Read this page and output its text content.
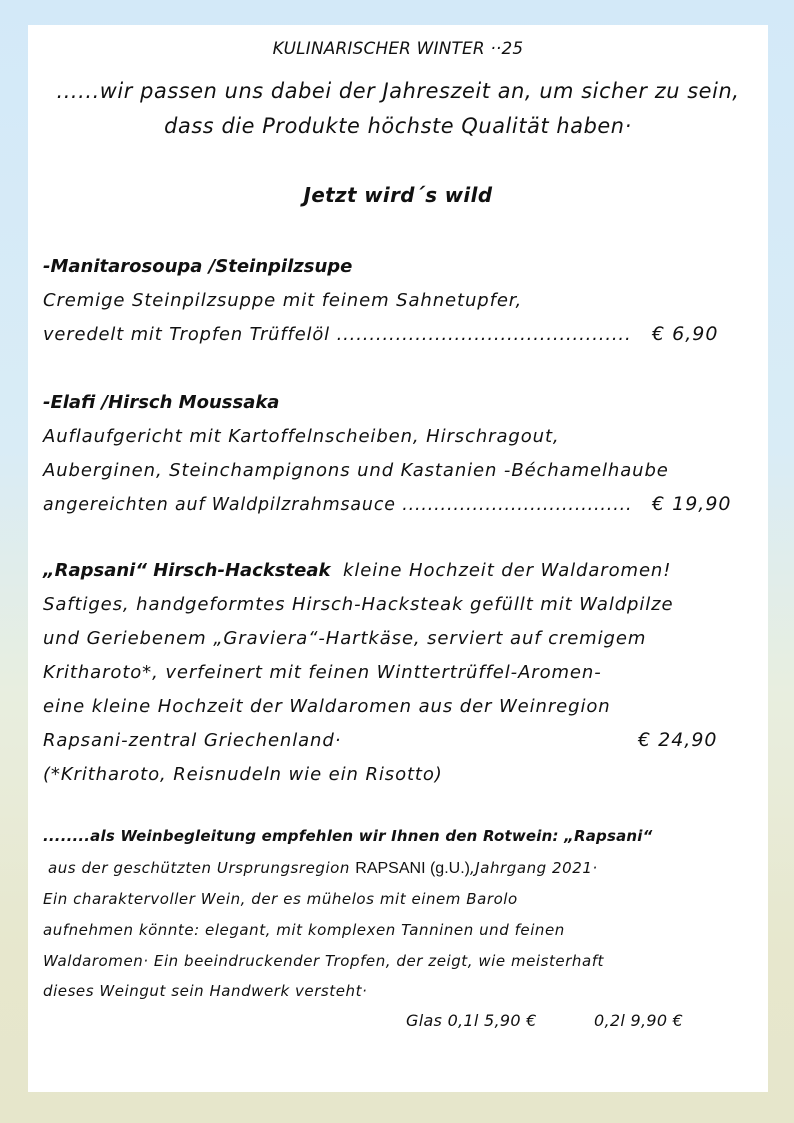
KULINARISCHER WINTER ··25
......wir passen uns dabei der Jahreszeit an, um sicher zu sein,
dass die Produkte höchste Qualität haben·
Jetzt wird´s wild
-Manitarosoupa /Steinpilzsupe
Cremige Steinpilzsuppe mit feinem Sahnetupfer,
veredelt mit Tropfen Trüffelöl ............................................. € 6,90
-Elafi /Hirsch Moussaka
Auflaufgericht mit Kartoffelnscheiben, Hirschragout,
Auberginen, Steinchampignons und Kastanien -Béchamelhaube
angereichten auf Waldpilzrahmsauce .................................... € 19,90
„Rapsani“ Hirsch-Hacksteak kleine Hochzeit der Waldaromen!
Saftiges, handgeformtes Hirsch-Hacksteak gefüllt mit Waldpilze
und Geriebenem „Graviera“-Hartkäse, serviert auf cremigem
Kritharoto*, verfeinert mit feinen Winttertrüffel-Aromen-
eine kleine Hochzeit der Waldaromen aus der Weinregion
Rapsani-zentral Griechenland·	€ 24,90
(*Kritharoto, Reisnudeln wie ein Risotto)
........als Weinbegleitung empfehlen wir Ihnen den Rotwein: „Rapsani“
aus der geschützten Ursprungsregion RAPSANI (g.U.),Jahrgang 2021·
Ein charaktervoller Wein, der es mühelos mit einem Barolo
aufnehmen könnte: elegant, mit komplexen Tanninen und feinen
Waldaromen· Ein beeindruckender Tropfen, der zeigt, wie meisterhaft
dieses Weingut sein Handwerk versteht·
Glas 0,1l 5,90 €	0,2l 9,90 €
